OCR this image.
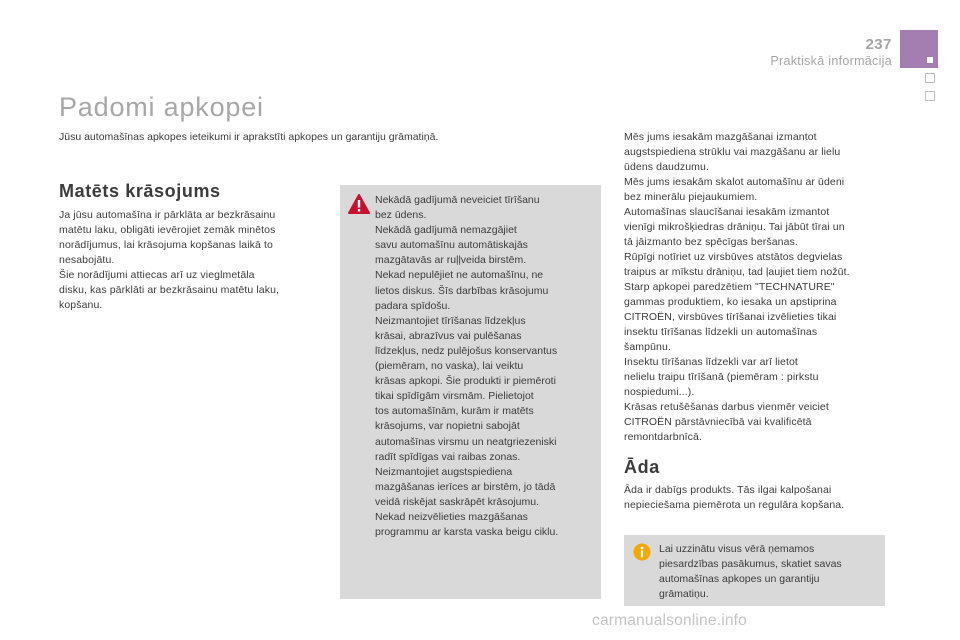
237
Praktiskā informācija
Padomi apkopei
Jūsu automašīnas apkopes ieteikumi ir aprakstīti apkopes un garantiju grāmatiņā.
Matēts krāsojums

Ja jūsu automašīna ir pārklāta ar bezkrāsainu
matētu laku, obligāti ievērojiet zemāk minētos
norādījumus, lai krāsojuma kopšanas laikā to
nesabojātu.
Šie norādījumi attiecas arī uz vieglmetāla
disku, kas pārklāti ar bezkrāsainu matētu laku,
kopšanu.

Nekādā gadījumā neveiciet tīrīšanu
bez ūdens.
Nekādā gadījumā nemazgājiet
savu automašīnu automātiskajās
mazgātavās ar ruļļveida birstēm.
Nekad nepulējiet ne automašīnu, ne
lietos diskus. Šīs darbības krāsojumu
padara spīdošu.
Neizmantojiet tīrīšanas līdzekļus
krāsai, abrazīvus vai pulēšanas
līdzekļus, nedz pulējošus konservantus
(piemēram, no vaska), lai veiktu
krāsas apkopi. Šie produkti ir piemēroti
tikai spīdīgām virsmām. Pielietojot
tos automašīnām, kurām ir matēts
krāsojums, var nopietni sabojāt
automašīnas virsmu un neatgriezeniski
radīt spīdīgas vai raibas zonas.
Neizmantojiet augstspiediena
mazgāšanas ierīces ar birstēm, jo tādā
veidā riskējat saskrāpēt krāsojumu.
Nekad neizvēlieties mazgāšanas
programmu ar karsta vaska beigu ciklu.

Mēs jums iesakām mazgāšanai izmantot
augstspiediena strūklu vai mazgāšanu ar lielu
ūdens daudzumu.
Mēs jums iesakām skalot automašīnu ar ūdeni
bez minerālu piejaukumiem.
Automašīnas slaucīšanai iesakām izmantot
vienīgi mikrošķiedras drāniņu. Tai jābūt tīrai un
tā jāizmanto bez spēcīgas beršanas.
Rūpīgi notīriet uz virsbūves atstātos degvielas
traipus ar mīkstu drāniņu, tad ļaujiet tiem nožūt.
Starp apkopei paredzētiem "TECHNATURE"
gammas produktiem, ko iesaka un apstiprina
CITROËN, virsbūves tīrīšanai izvēlieties tikai
insektu tīrīšanas līdzekli un automašīnas
šampūnu.
Insektu tīrīšanas līdzekli var arī lietot
nelielu traipu tīrīšanā (piemēram : pirkstu
nospiedumi...).
Krāsas retušēšanas darbus vienmēr veiciet
CITROËN pārstāvniecībā vai kvalificētā
remontdarbnīcā.

Āda

Āda ir dabīgs produkts. Tās ilgai kalpošanai
nepieciešama piemērota un regulāra kopšana.

Lai uzzinātu visus vērā ņemamos
piesardzības pasākumus, skatiet savas
automašīnas apkopes un garantiju
grāmatiņu.

carmanualsonline.info
